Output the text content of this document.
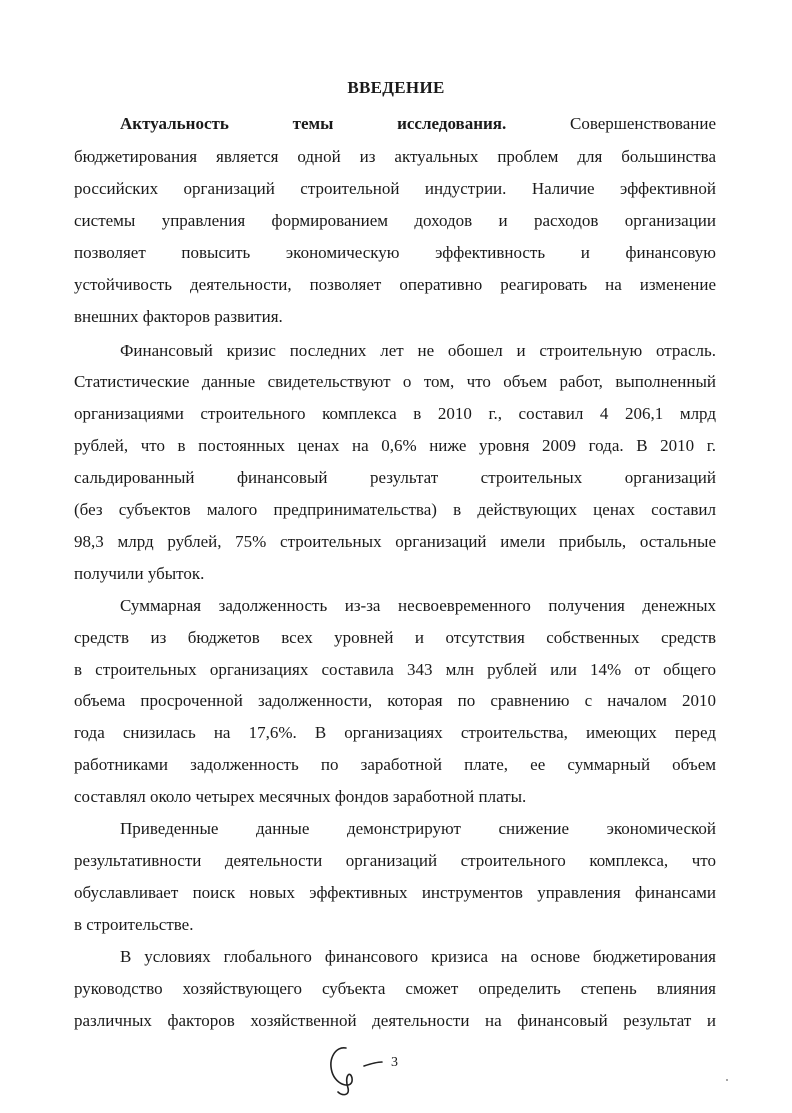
ВВЕДЕНИЕ
Актуальность	темы	исследования.	Совершенствование
бюджетирования является одной из актуальных проблем для большинства
российских организаций строительной индустрии. Наличие эффективной
системы управления формированием доходов и расходов организации
позволяет повысить экономическую эффективность и финансовую
устойчивость деятельности, позволяет оперативно реагировать на изменение
внешних факторов развития.
Финансовый кризис последних лет не обошел и строительную отрасль.
Статистические данные свидетельствуют о том, что объем работ, выполненный
организациями строительного комплекса в 2010 г., составил 4 206,1 млрд
рублей, что в постоянных ценах на 0,6% ниже уровня 2009 года. В 2010 г.
сальдированный финансовый результат строительных организаций
(без субъектов малого предпринимательства) в действующих ценах составил
98,3 млрд рублей, 75% строительных организаций имели прибыль, остальные
получили убыток.
Суммарная задолженность из-за несвоевременного получения денежных
средств из бюджетов всех уровней и отсутствия собственных средств
в строительных организациях составила 343 млн рублей или 14% от общего
объема просроченной задолженности, которая по сравнению с началом 2010
года снизилась на 17,6%. В организациях строительства, имеющих перед
работниками задолженность по заработной плате, ее суммарный объем
составлял около четырех месячных фондов заработной платы.
Приведенные данные демонстрируют снижение экономической
результативности деятельности организаций строительного комплекса, что
обуславливает поиск новых эффективных инструментов управления финансами
в строительстве.
В условиях глобального финансового кризиса на основе бюджетирования
руководство хозяйствующего субъекта сможет определить степень влияния
различных факторов хозяйственной деятельности на финансовый результат и
3
